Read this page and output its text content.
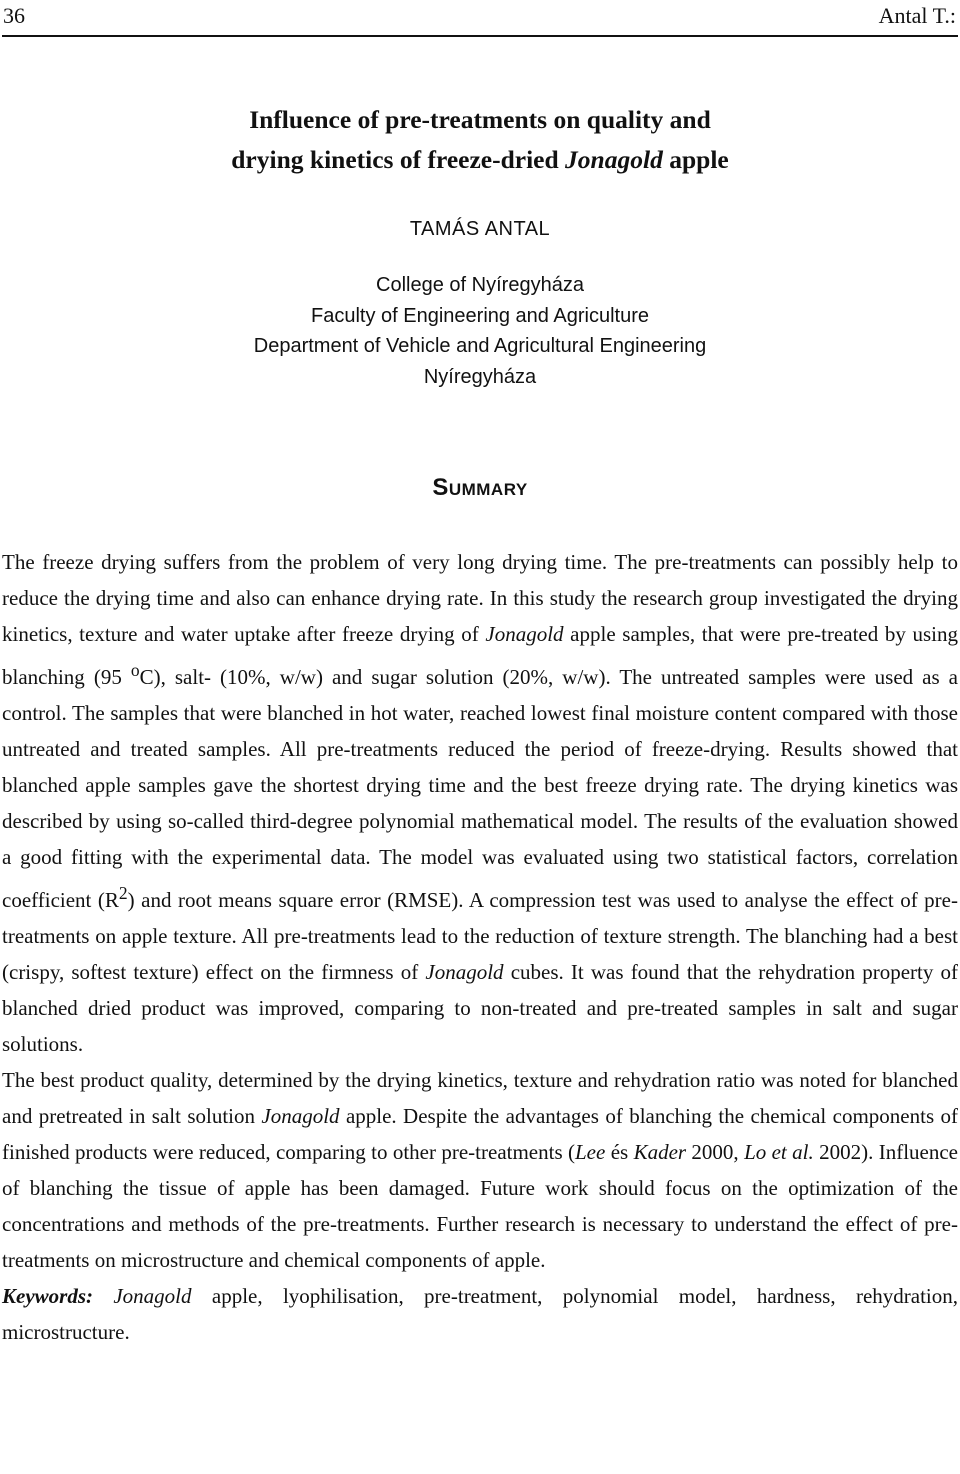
36	Antal T.:
Influence of pre-treatments on quality and
drying kinetics of freeze-dried Jonagold apple
TAMÁS ANTAL
College of Nyíregyháza
Faculty of Engineering and Agriculture
Department of Vehicle and Agricultural Engineering
Nyíregyháza
Summary

The freeze drying suffers from the problem of very long drying time. The pre-treatments can possibly help to reduce the drying time and also can enhance drying rate. In this study the research group investigated the drying kinetics, texture and water uptake after freeze drying of Jonagold apple samples, that were pre-treated by using blanching (95 $^o$C), salt- (10%, w/w) and sugar solution (20%, w/w). The untreated samples were used as a control. The samples that were blanched in hot water, reached lowest final moisture content compared with those untreated and treated samples. All pre-treatments reduced the period of freeze-drying. Results showed that blanched apple samples gave the shortest drying time and the best freeze drying rate. The drying kinetics was described by using so-called third-degree polynomial mathematical model. The results of the evaluation showed a good fitting with the experimental data. The model was evaluated using two statistical factors, correlation coefficient $(R^2)$ and root means square error (RMSE). A compression test was used to analyse the effect of pre-treatments on apple texture. All pre-treatments lead to the reduction of texture strength. The blanching had a best (crispy, softest texture) effect on the firmness of Jonagold cubes. It was found that the rehydration property of blanched dried product was improved, comparing to non-treated and pre-treated samples in salt and sugar solutions.

The best product quality, determined by the drying kinetics, texture and rehydration ratio was noted for blanched and pretreated in salt solution Jonagold apple. Despite the advantages of blanching the chemical components of finished products were reduced, comparing to other pre-treatments (Lee és Kader 2000, Lo et al. 2002). Influence of blanching the tissue of apple has been damaged. Future work should focus on the optimization of the concentrations and methods of the pre-treatments. Further research is necessary to understand the effect of pre-treatments on microstructure and chemical components of apple.

Keywords: Jonagold apple, lyophilisation, pre-treatment, polynomial model, hardness, rehydration, microstructure.
